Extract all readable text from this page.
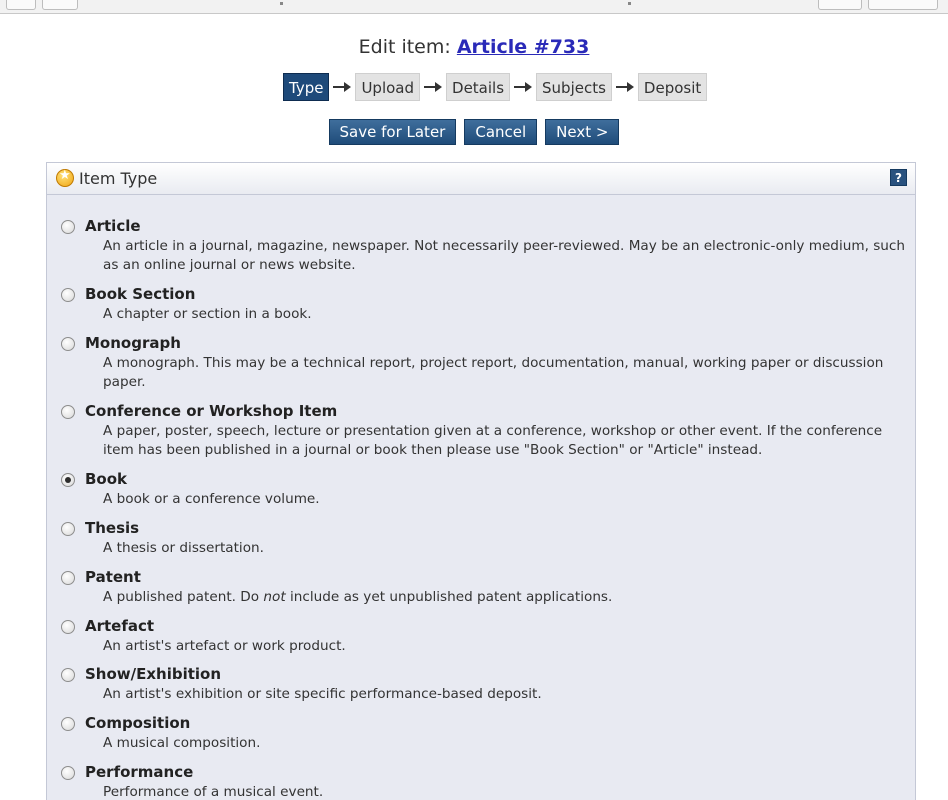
Edit item: Article #733
Type	Upload	Details	Subjects	Deposit
Save for Later	Cancel	Next >
★
Item Type	?
Article
An article in a journal, magazine, newspaper. Not necessarily peer-reviewed. May be an electronic-only medium, such as an online journal or news website.
Book Section
A chapter or section in a book.
Monograph
A monograph. This may be a technical report, project report, documentation, manual, working paper or discussion paper.
Conference or Workshop Item
A paper, poster, speech, lecture or presentation given at a conference, workshop or other event. If the conference item has been published in a journal or book then please use "Book Section" or "Article" instead.
Book
A book or a conference volume.
Thesis
A thesis or dissertation.
Patent
A published patent. Do not include as yet unpublished patent applications.
Artefact
An artist's artefact or work product.
Show/Exhibition
An artist's exhibition or site specific performance-based deposit.
Composition
A musical composition.
Performance
Performance of a musical event.
